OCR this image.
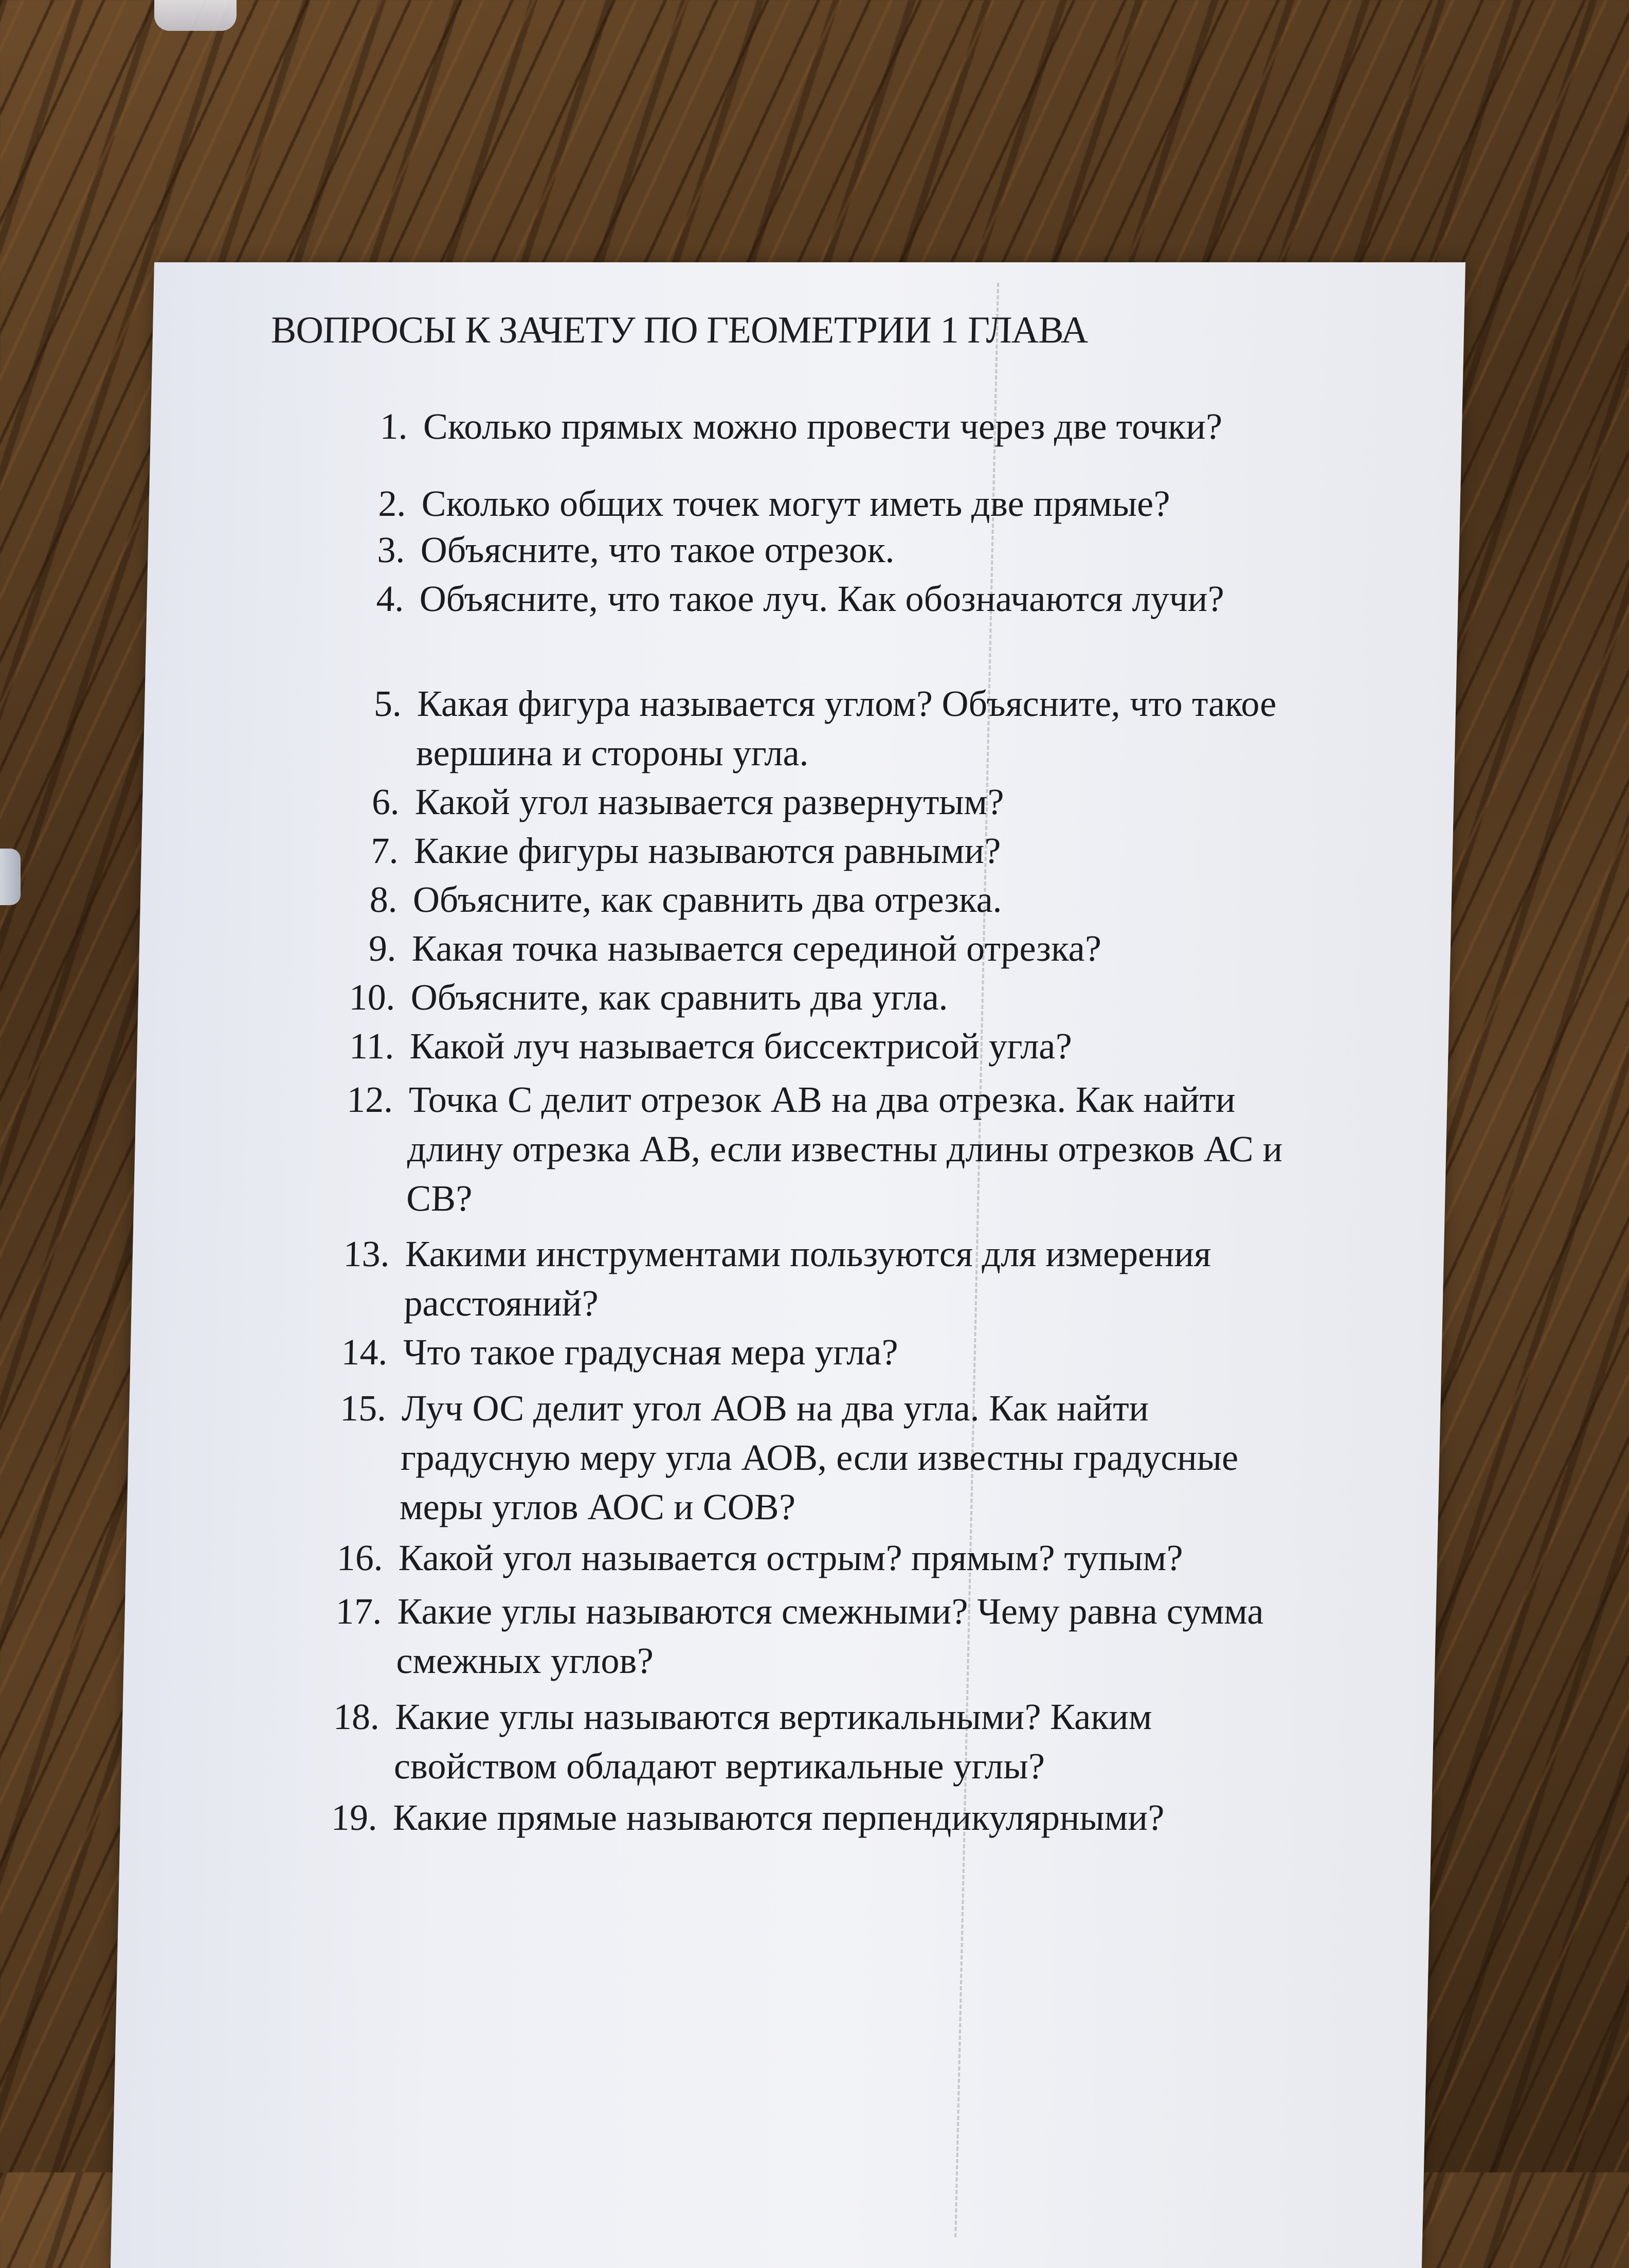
ВОПРОСЫ К ЗАЧЕТУ ПО ГЕОМЕТРИИ 1 ГЛАВА
1. Сколько прямых можно провести через две точки?
2. Сколько общих точек могут иметь две прямые?
3. Объясните, что такое отрезок.
4. Объясните, что такое луч. Как обозначаются лучи?
5. Какая фигура называется углом? Объясните, что такое вершина и стороны угла.
6. Какой угол называется развернутым?
7. Какие фигуры называются равными?
8. Объясните, как сравнить два отрезка.
9. Какая точка называется серединой отрезка?
10. Объясните, как сравнить два угла.
11. Какой луч называется биссектрисой угла?
12. Точка С делит отрезок АВ на два отрезка. Как найти длину отрезка АВ, если известны длины отрезков АС и СВ?
13. Какими инструментами пользуются для измерения расстояний?
14. Что такое градусная мера угла?
15. Луч ОС делит угол АОВ на два угла. Как найти градусную меру угла АОВ, если известны градусные меры углов АОС и СОВ?
16. Какой угол называется острым? прямым? тупым?
17. Какие углы называются смежными? Чему равна сумма смежных углов?
18. Какие углы называются вертикальными? Каким свойством обладают вертикальные углы?
19. Какие прямые называются перпендикулярными?
